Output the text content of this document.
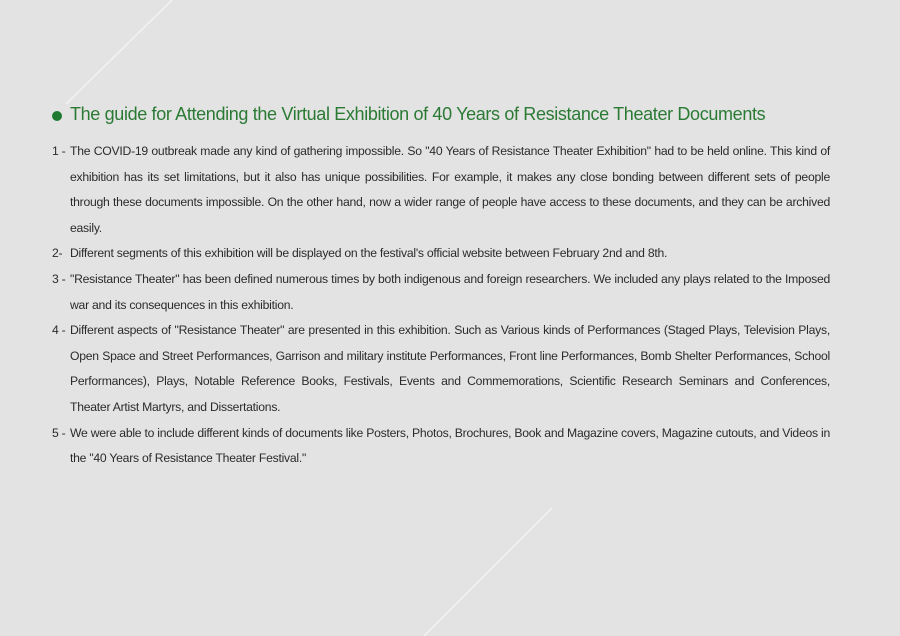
The guide for Attending the Virtual Exhibition of 40 Years of Resistance Theater Documents
1 - The COVID-19 outbreak made any kind of gathering impossible. So "40 Years of Resistance Theater Exhibition" had to be held online. This kind of exhibition has its set limitations, but it also has unique possibilities. For example, it makes any close bonding between different sets of people through these documents impossible. On the other hand, now a wider range of people have access to these documents, and they can be archived easily.
2- Different segments of this exhibition will be displayed on the festival's official website between February 2nd and 8th.
3 - "Resistance Theater" has been defined numerous times by both indigenous and foreign researchers. We included any plays related to the Imposed war and its consequences in this exhibition.
4 - Different aspects of "Resistance Theater" are presented in this exhibition. Such as Various kinds of Performances (Staged Plays, Television Plays, Open Space and Street Performances, Garrison and military institute Performances, Front line Performances, Bomb Shelter Performances, School Performances), Plays, Notable Reference Books, Festivals, Events and Commemorations, Scientific Research Seminars and Conferences, Theater Artist Martyrs, and Dissertations.
5 - We were able to include different kinds of documents like Posters, Photos, Brochures, Book and Magazine covers, Magazine cutouts, and Videos in the "40 Years of Resistance Theater Festival."
